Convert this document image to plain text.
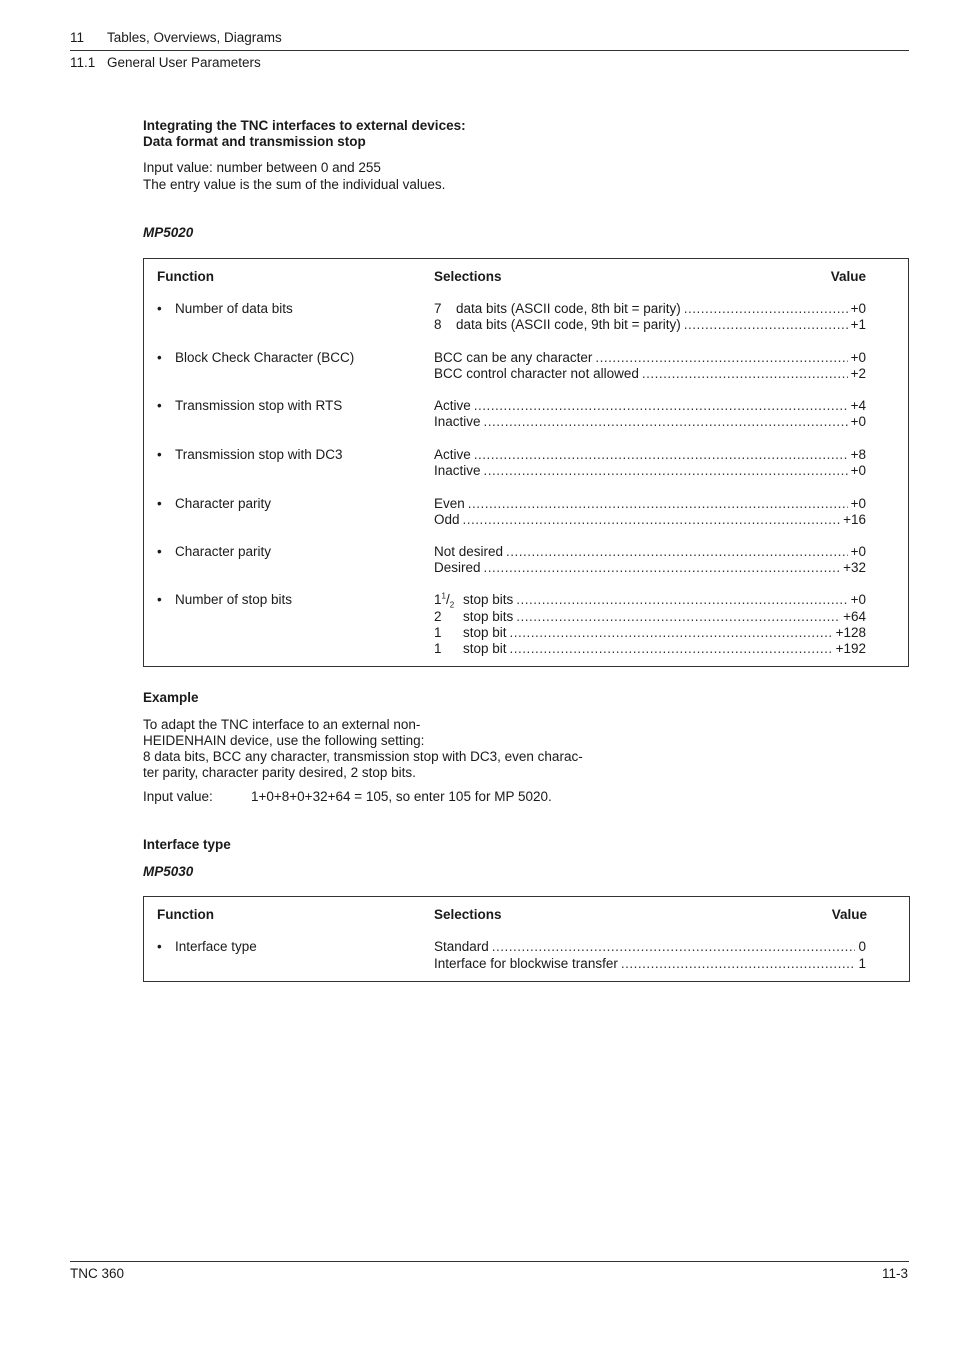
11 Tables, Overviews, Diagrams
11.1 General User Parameters
Integrating the TNC interfaces to external devices:
Data format and transmission stop
Input value: number between 0 and 255
The entry value is the sum of the individual values.
MP5020
Function	Selections	Value
• Number of data bits	7	data bits (ASCII code, 8th bit = parity) .....	+0
8	data bits (ASCII code, 9th bit = parity) .....	+1
• Block Check Character (BCC)	BCC can be any character .....	+0
BCC control character not allowed .....	+2
• Transmission stop with RTS	Active .....	+4
Inactive .....	+0
• Transmission stop with DC3	Active .....	+8
Inactive .....	+0
• Character parity	Even .....	+0
Odd .....	+16
• Character parity	Not desired .....	+0
Desired .....	+32
• Number of stop bits	$1^1/_2$ stop bits .....	+0
2	stop bits .....	+64
1	stop bit .....	+128
1	stop bit .....	+192
Example
To adapt the TNC interface to an external non-
HEIDENHAIN device, use the following setting:
8 data bits, BCC any character, transmission stop with DC3, even charac-
ter parity, character parity desired, 2 stop bits.
Input value:	1+0+8+0+32+64 = 105, so enter 105 for MP 5020.
Interface type
MP5030
Function	Selections	Value
• Interface type	Standard .....	0
Interface for blockwise transfer .....	1
TNC 360	11-3
